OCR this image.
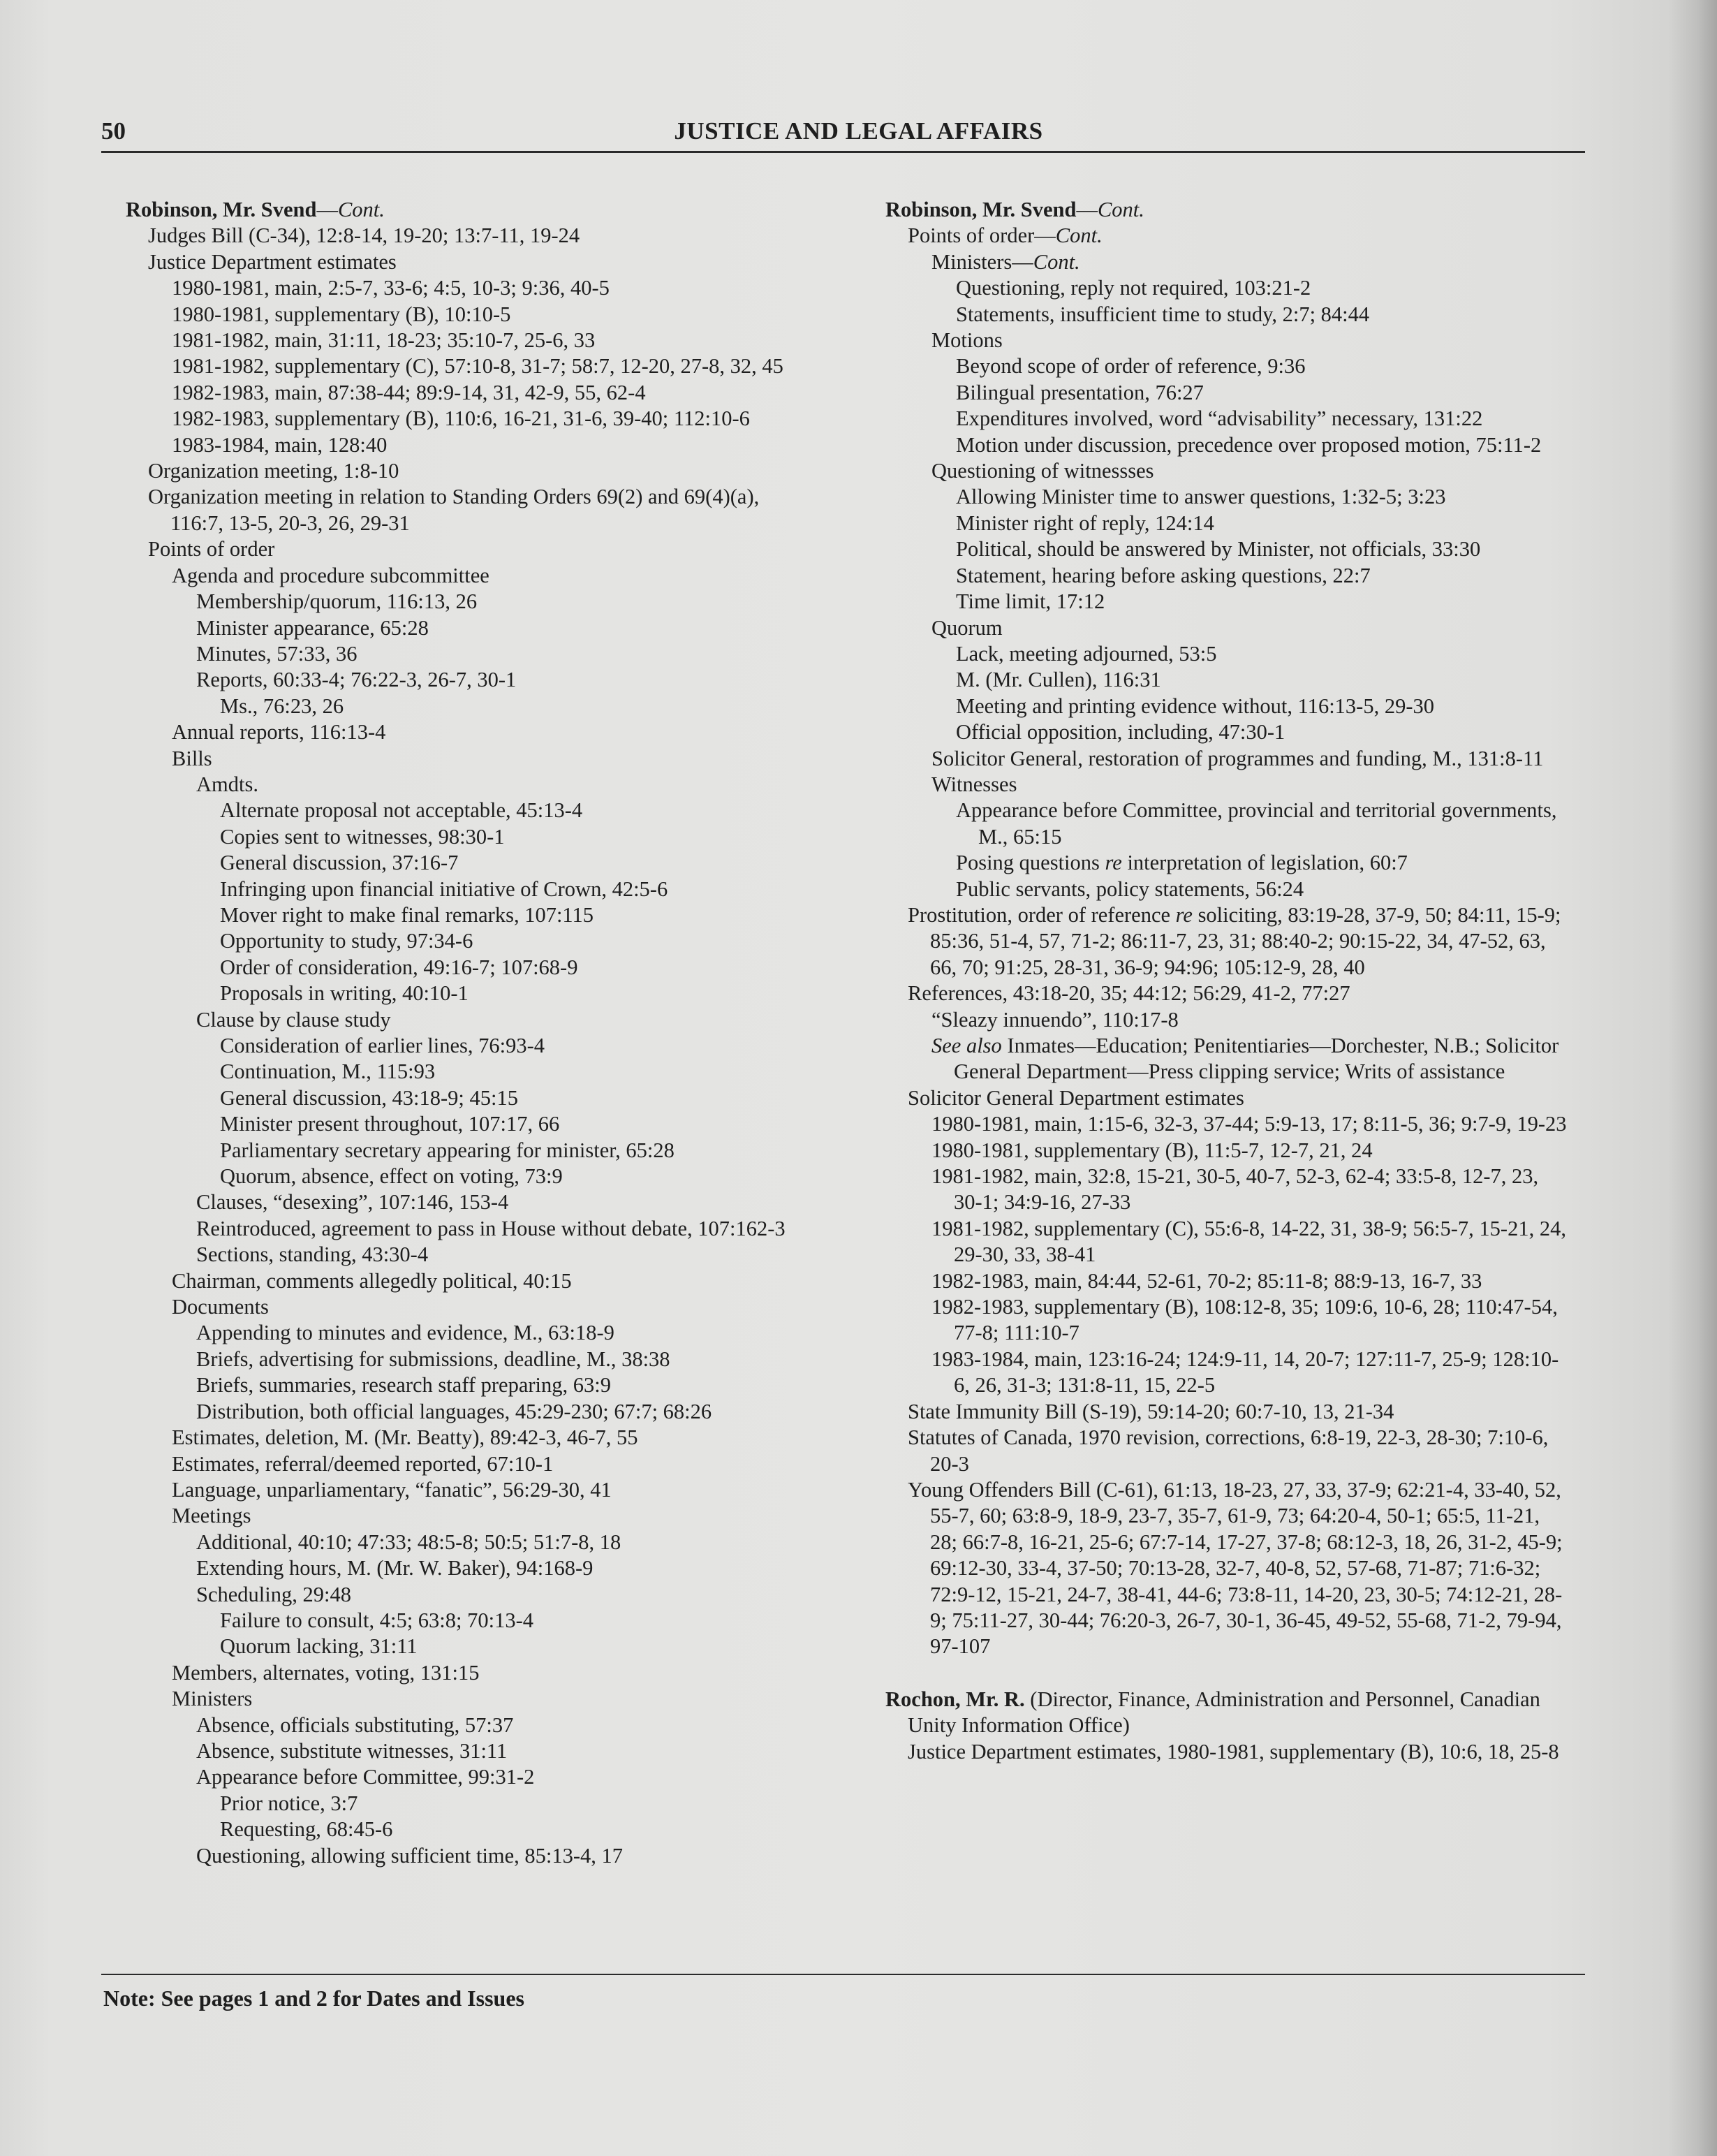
50	JUSTICE AND LEGAL AFFAIRS
Robinson, Mr. Svend—Cont.
Judges Bill (C-34), 12:8-14, 19-20; 13:7-11, 19-24
Justice Department estimates
1980-1981, main, 2:5-7, 33-6; 4:5, 10-3; 9:36, 40-5
1980-1981, supplementary (B), 10:10-5
1981-1982, main, 31:11, 18-23; 35:10-7, 25-6, 33
1981-1982, supplementary (C), 57:10-8, 31-7; 58:7, 12-20, 27-8, 32, 45
1982-1983, main, 87:38-44; 89:9-14, 31, 42-9, 55, 62-4
1982-1983, supplementary (B), 110:6, 16-21, 31-6, 39-40; 112:10-6
1983-1984, main, 128:40
Organization meeting, 1:8-10
Organization meeting in relation to Standing Orders 69(2) and 69(4)(a), 116:7, 13-5, 20-3, 26, 29-31
Points of order
Agenda and procedure subcommittee
Membership/quorum, 116:13, 26
Minister appearance, 65:28
Minutes, 57:33, 36
Reports, 60:33-4; 76:22-3, 26-7, 30-1
Ms., 76:23, 26
Annual reports, 116:13-4
Bills
Amdts.
Alternate proposal not acceptable, 45:13-4
Copies sent to witnesses, 98:30-1
General discussion, 37:16-7
Infringing upon financial initiative of Crown, 42:5-6
Mover right to make final remarks, 107:115
Opportunity to study, 97:34-6
Order of consideration, 49:16-7; 107:68-9
Proposals in writing, 40:10-1
Clause by clause study
Consideration of earlier lines, 76:93-4
Continuation, M., 115:93
General discussion, 43:18-9; 45:15
Minister present throughout, 107:17, 66
Parliamentary secretary appearing for minister, 65:28
Quorum, absence, effect on voting, 73:9
Clauses, “desexing”, 107:146, 153-4
Reintroduced, agreement to pass in House without debate, 107:162-3
Sections, standing, 43:30-4
Chairman, comments allegedly political, 40:15
Documents
Appending to minutes and evidence, M., 63:18-9
Briefs, advertising for submissions, deadline, M., 38:38
Briefs, summaries, research staff preparing, 63:9
Distribution, both official languages, 45:29-230; 67:7; 68:26
Estimates, deletion, M. (Mr. Beatty), 89:42-3, 46-7, 55
Estimates, referral/deemed reported, 67:10-1
Language, unparliamentary, “fanatic”, 56:29-30, 41
Meetings
Additional, 40:10; 47:33; 48:5-8; 50:5; 51:7-8, 18
Extending hours, M. (Mr. W. Baker), 94:168-9
Scheduling, 29:48
Failure to consult, 4:5; 63:8; 70:13-4
Quorum lacking, 31:11
Members, alternates, voting, 131:15
Ministers
Absence, officials substituting, 57:37
Absence, substitute witnesses, 31:11
Appearance before Committee, 99:31-2
Prior notice, 3:7
Requesting, 68:45-6
Questioning, allowing sufficient time, 85:13-4, 17
Robinson, Mr. Svend—Cont.
Points of order—Cont.
Ministers—Cont.
Questioning, reply not required, 103:21-2
Statements, insufficient time to study, 2:7; 84:44
Motions
Beyond scope of order of reference, 9:36
Bilingual presentation, 76:27
Expenditures involved, word “advisability” necessary, 131:22
Motion under discussion, precedence over proposed motion, 75:11-2
Questioning of witnessses
Allowing Minister time to answer questions, 1:32-5; 3:23
Minister right of reply, 124:14
Political, should be answered by Minister, not officials, 33:30
Statement, hearing before asking questions, 22:7
Time limit, 17:12
Quorum
Lack, meeting adjourned, 53:5
M. (Mr. Cullen), 116:31
Meeting and printing evidence without, 116:13-5, 29-30
Official opposition, including, 47:30-1
Solicitor General, restoration of programmes and funding, M., 131:8-11
Witnesses
Appearance before Committee, provincial and territorial governments, M., 65:15
Posing questions re interpretation of legislation, 60:7
Public servants, policy statements, 56:24
Prostitution, order of reference re soliciting, 83:19-28, 37-9, 50; 84:11, 15-9; 85:36, 51-4, 57, 71-2; 86:11-7, 23, 31; 88:40-2; 90:15-22, 34, 47-52, 63, 66, 70; 91:25, 28-31, 36-9; 94:96; 105:12-9, 28, 40
References, 43:18-20, 35; 44:12; 56:29, 41-2, 77:27
“Sleazy innuendo”, 110:17-8
See also Inmates—Education; Penitentiaries—Dorchester, N.B.; Solicitor General Department—Press clipping service; Writs of assistance
Solicitor General Department estimates
1980-1981, main, 1:15-6, 32-3, 37-44; 5:9-13, 17; 8:11-5, 36; 9:7-9, 19-23
1980-1981, supplementary (B), 11:5-7, 12-7, 21, 24
1981-1982, main, 32:8, 15-21, 30-5, 40-7, 52-3, 62-4; 33:5-8, 12-7, 23, 30-1; 34:9-16, 27-33
1981-1982, supplementary (C), 55:6-8, 14-22, 31, 38-9; 56:5-7, 15-21, 24, 29-30, 33, 38-41
1982-1983, main, 84:44, 52-61, 70-2; 85:11-8; 88:9-13, 16-7, 33
1982-1983, supplementary (B), 108:12-8, 35; 109:6, 10-6, 28; 110:47-54, 77-8; 111:10-7
1983-1984, main, 123:16-24; 124:9-11, 14, 20-7; 127:11-7, 25-9; 128:10-6, 26, 31-3; 131:8-11, 15, 22-5
State Immunity Bill (S-19), 59:14-20; 60:7-10, 13, 21-34
Statutes of Canada, 1970 revision, corrections, 6:8-19, 22-3, 28-30; 7:10-6, 20-3
Young Offenders Bill (C-61), 61:13, 18-23, 27, 33, 37-9; 62:21-4, 33-40, 52, 55-7, 60; 63:8-9, 18-9, 23-7, 35-7, 61-9, 73; 64:20-4, 50-1; 65:5, 11-21, 28; 66:7-8, 16-21, 25-6; 67:7-14, 17-27, 37-8; 68:12-3, 18, 26, 31-2, 45-9; 69:12-30, 33-4, 37-50; 70:13-28, 32-7, 40-8, 52, 57-68, 71-87; 71:6-32; 72:9-12, 15-21, 24-7, 38-41, 44-6; 73:8-11, 14-20, 23, 30-5; 74:12-21, 28-9; 75:11-27, 30-44; 76:20-3, 26-7, 30-1, 36-45, 49-52, 55-68, 71-2, 79-94, 97-107
Rochon, Mr. R. (Director, Finance, Administration and Personnel, Canadian Unity Information Office)
Justice Department estimates, 1980-1981, supplementary (B), 10:6, 18, 25-8
Note: See pages 1 and 2 for Dates and Issues
